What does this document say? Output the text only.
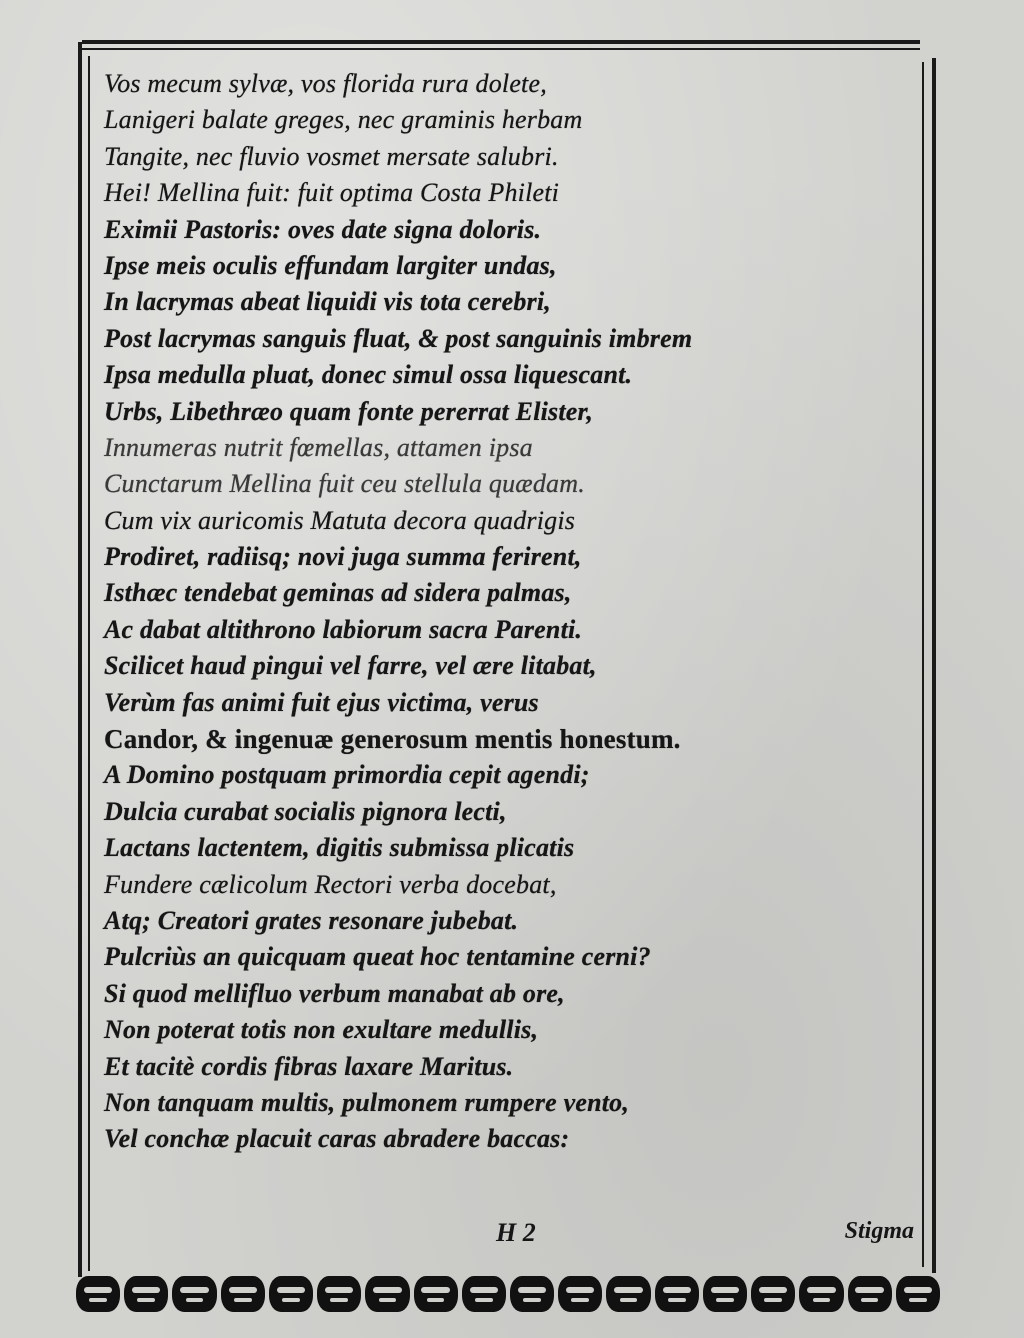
Vos mecum sylvæ, vos florida rura dolete,
Lanigeri balate greges, nec graminis herbam
Tangite, nec fluvio vosmet mersate salubri.
Hei! Mellina fuit: fuit optima Costa Phileti
Eximii Pastoris: oves date signa doloris.
Ipse meis oculis effundam largiter undas,
In lacrymas abeat liquidi vis tota cerebri,
Post lacrymas sanguis fluat, & post sanguinis imbrem
Ipsa medulla pluat, donec simul ossa liquescant.
Urbs, Libethræo quam fonte pererrat Elister,
Innumeras nutrit fœmellas, attamen ipsa
Cunctarum Mellina fuit ceu stellula quædam.
Cum vix auricomis Matuta decora quadrigis
Prodiret, radiisq; novi juga summa ferirent,
Isthæc tendebat geminas ad sidera palmas,
Ac dabat altithrono labiorum sacra Parenti.
Scilicet haud pingui vel farre, vel ære litabat,
Verùm fas animi fuit ejus victima, verus
Candor, & ingenuæ generosum mentis honestum.
A Domino postquam primordia cepit agendi;
Dulcia curabat socialis pignora lecti,
Lactans lactentem, digitis submissa plicatis
Fundere cælicolum Rectori verba docebat,
Atq; Creatori grates resonare jubebat.
Pulcriùs an quicquam queat hoc tentamine cerni?
Si quod mellifluo verbum manabat ab ore,
Non poterat totis non exultare medullis,
Et tacitè cordis fibras laxare Maritus.
Non tanquam multis, pulmonem rumpere vento,
Vel conchæ placuit caras abradere baccas:
H 2	Stigma
